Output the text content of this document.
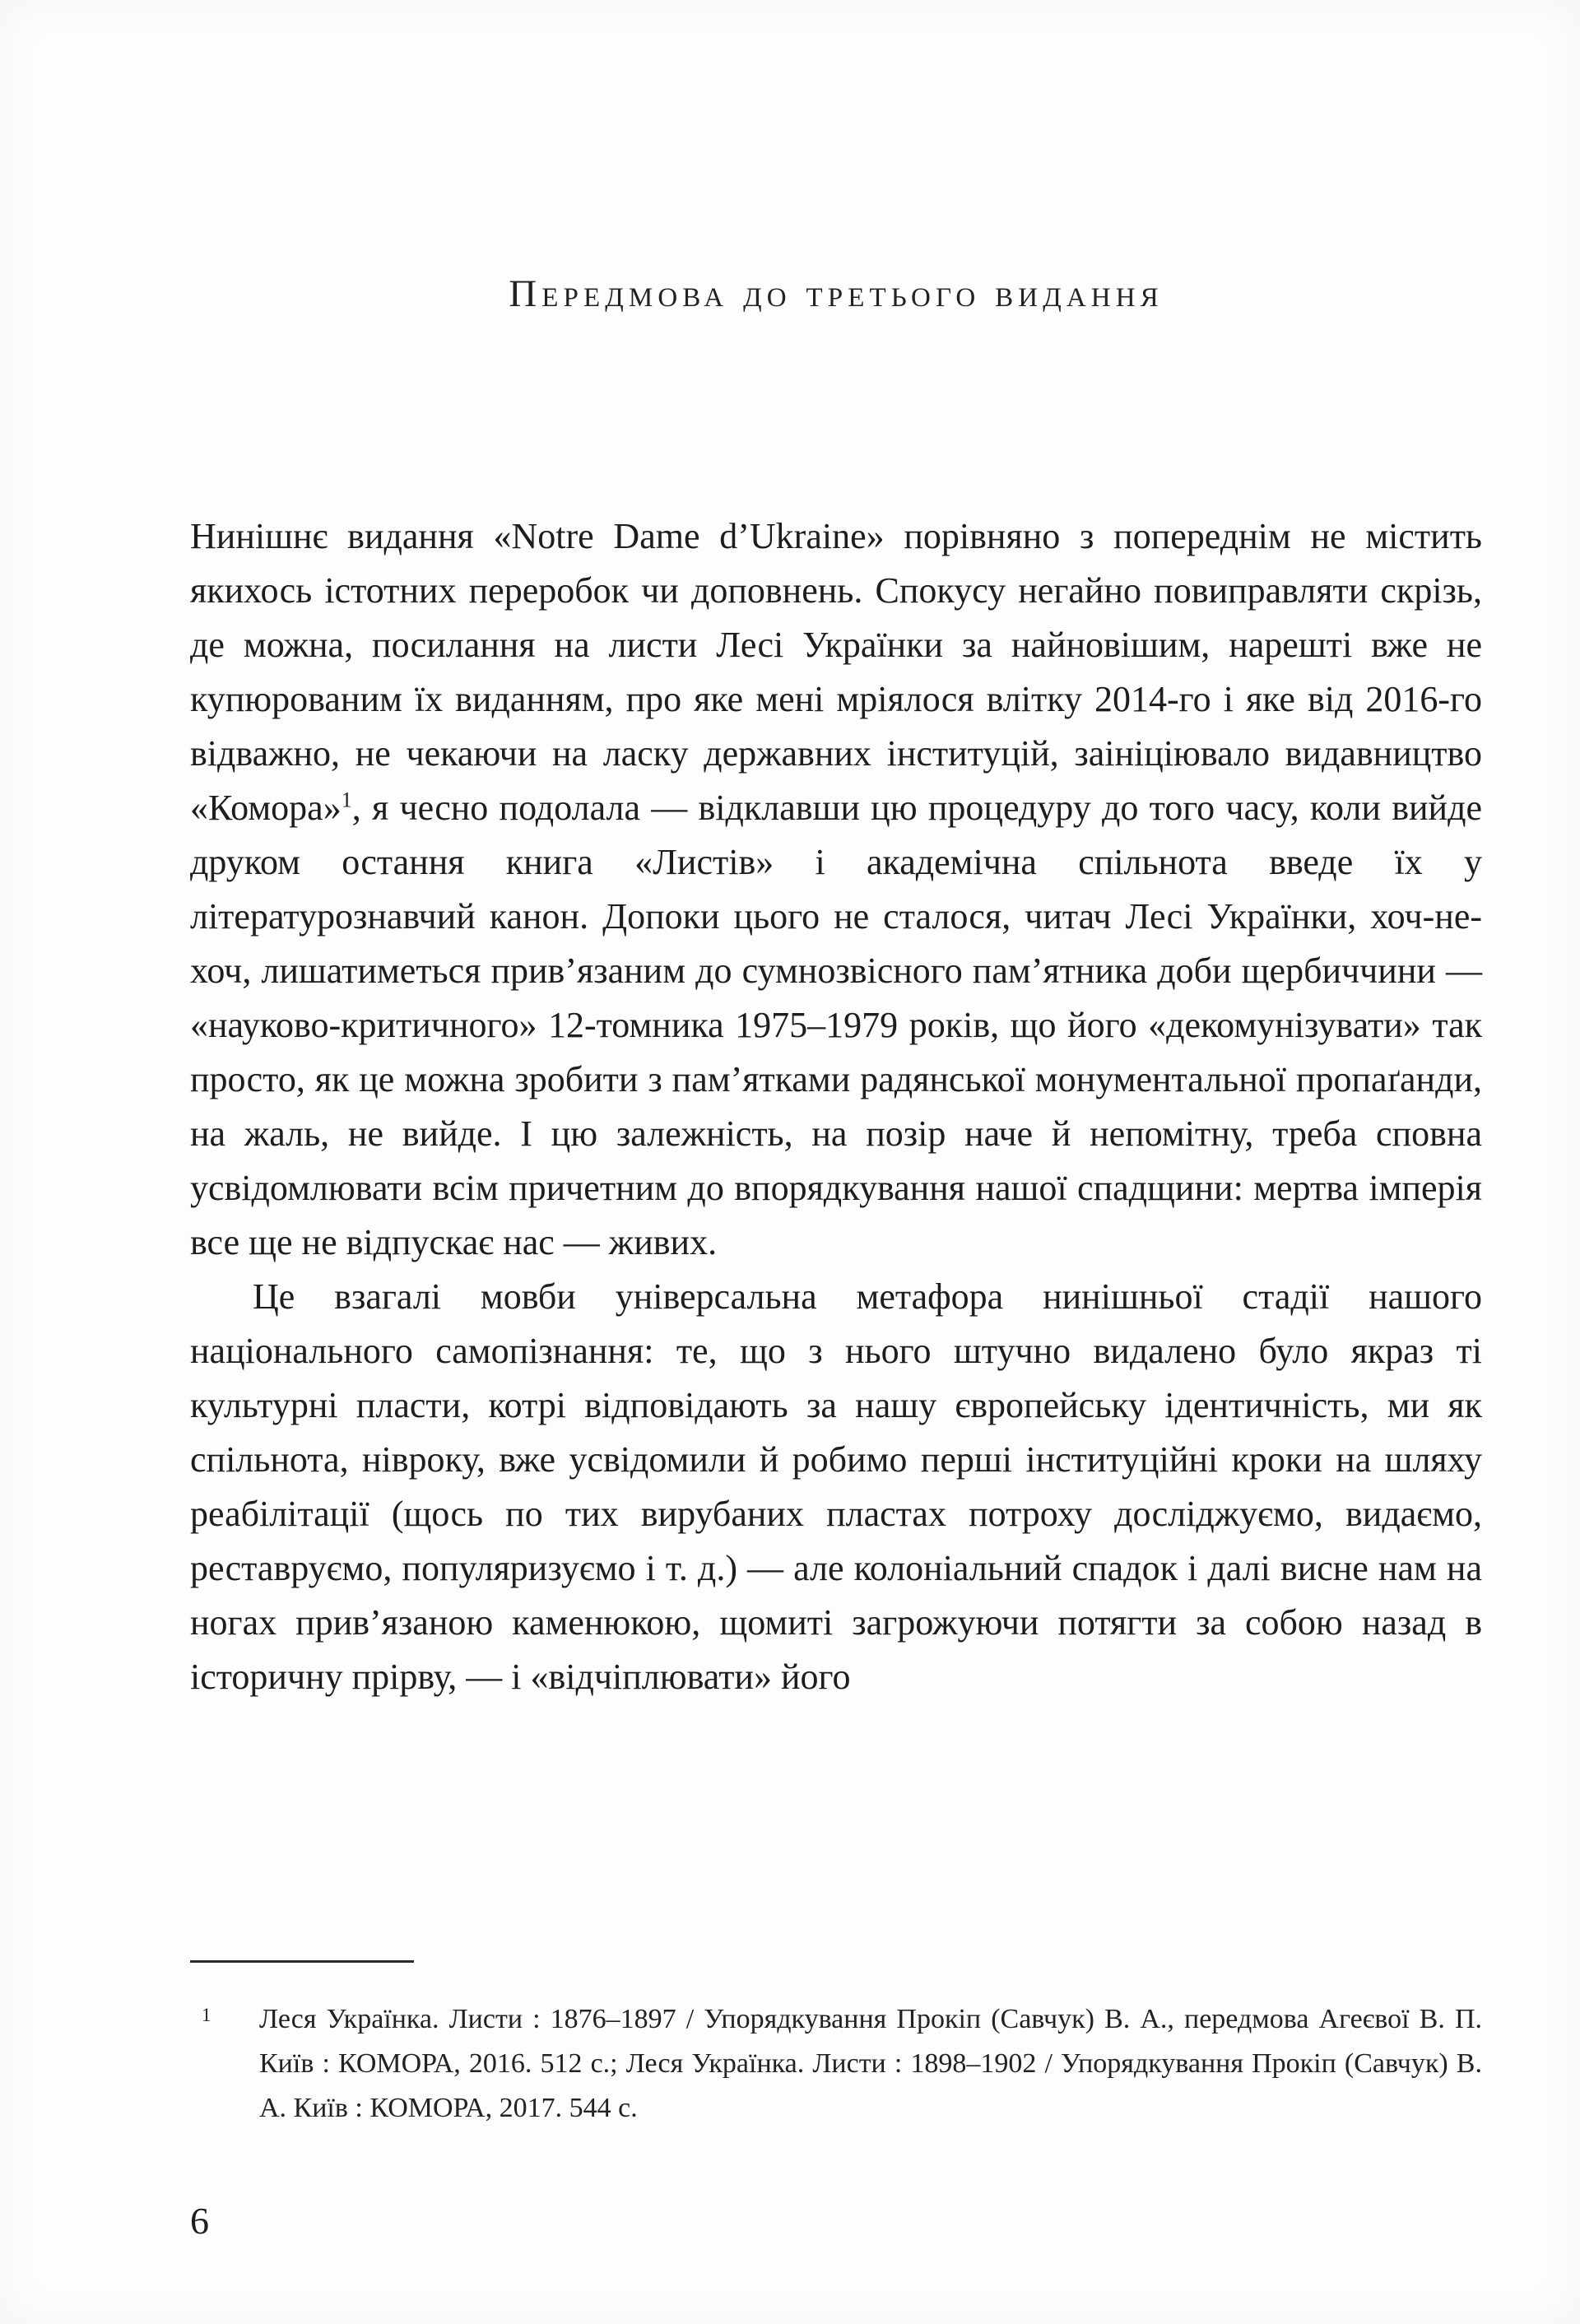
Передмова до третього видання

Нинішнє видання «Notre Dame d’Ukraine» порівняно з попереднім не містить якихось істотних переробок чи доповнень. Спокусу негайно повиправляти скрізь, де можна, посилання на листи Лесі Українки за найновішим, нарешті вже не купюрованим їх виданням, про яке мені мріялося влітку 2014-го і яке від 2016-го відважно, не чекаючи на ласку державних інституцій, заініціювало видавництво «Комора»$^1$, я чесно подолала — відклавши цю процедуру до того часу, коли вийде друком остання книга «Листів» і академічна спільнота введе їх у літературознавчий канон. Допоки цього не сталося, читач Лесі Українки, хоч-не-хоч, лишатиметься прив’язаним до сумнозвісного пам’ятника доби щербиччини — «науково-критичного» 12-томника 1975–1979 років, що його «декомунізувати» так просто, як це можна зробити з пам’ятками радянської монументальної пропаґанди, на жаль, не вийде. І цю залежність, на позір наче й непомітну, треба сповна усвідомлювати всім причетним до впорядкування нашої спадщини: мертва імперія все ще не відпускає нас — живих.

Це взагалі мовби універсальна метафора нинішньої стадії нашого національного самопізнання: те, що з нього штучно видалено було якраз ті культурні пласти, котрі відповідають за нашу європейську ідентичність, ми як спільнота, нівроку, вже усвідомили й робимо перші інституційні кроки на шляху реабілітації (щось по тих вирубаних пластах потроху досліджуємо, видаємо, реставруємо, популяризуємо і т. д.) — але колоніальний спадок і далі висне нам на ногах прив’язаною каменюкою, щомиті загрожуючи потягти за собою назад в історичну прірву, — і «відчіплювати» його

1 Леся Українка. Листи : 1876–1897 / Упорядкування Прокіп (Савчук) В. А., передмова Агеєвої В. П. Київ : КОМОРА, 2016. 512 с.; Леся Українка. Листи : 1898–1902 / Упорядкування Прокіп (Савчук) В. А. Київ : КОМОРА, 2017. 544 с.
6
